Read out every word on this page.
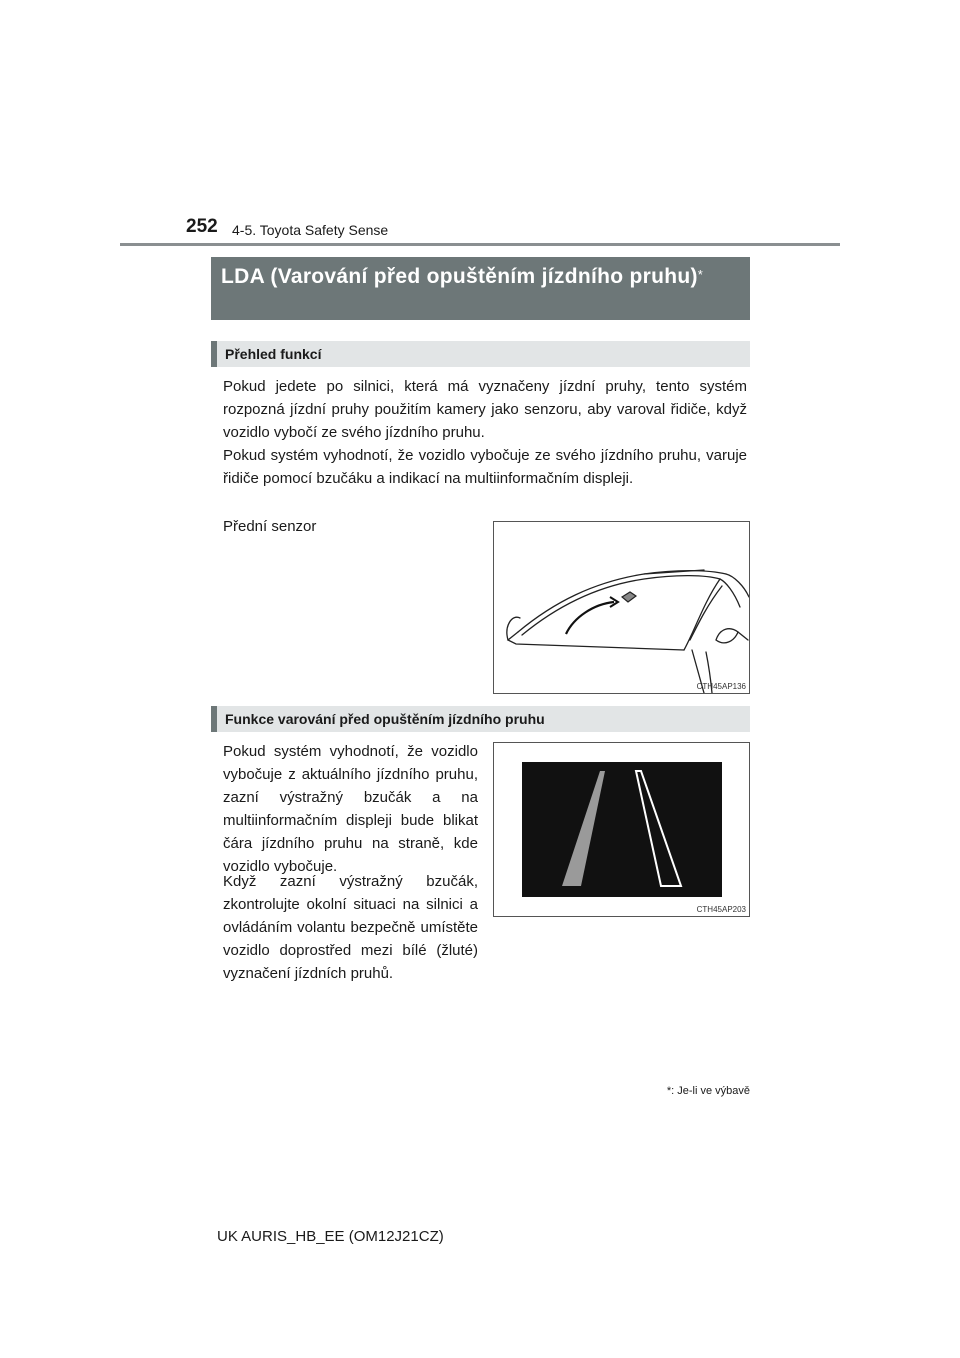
252 4-5. Toyota Safety Sense
LDA (Varování před opuštěním jízdního pruhu)*
Přehled funkcí

Pokud jedete po silnici, která má vyznačeny jízdní pruhy, tento systém rozpozná jízdní pruhy použitím kamery jako senzoru, aby varoval řidiče, když vozidlo vybočí ze svého jízdního pruhu.

Pokud systém vyhodnotí, že vozidlo vybočuje ze svého jízdního pruhu, varuje řidiče pomocí bzučáku a indikací na multiinformačním displeji.

Přední senzor

CTH45AP136
Funkce varování před opuštěním jízdního pruhu

Pokud systém vyhodnotí, že vozidlo vybočuje z aktuálního jízdního pruhu, zazní výstražný bzučák a na multiinformačním displeji bude blikat čára jízdního pruhu na straně, kde vozidlo vybočuje.

Když zazní výstražný bzučák, zkontrolujte okolní situaci na silnici a ovládáním volantu bezpečně umístěte vozidlo doprostřed mezi bílé (žluté) vyznačení jízdních pruhů.

CTH45AP203
*: Je-li ve výbavě
UK AURIS_HB_EE (OM12J21CZ)
